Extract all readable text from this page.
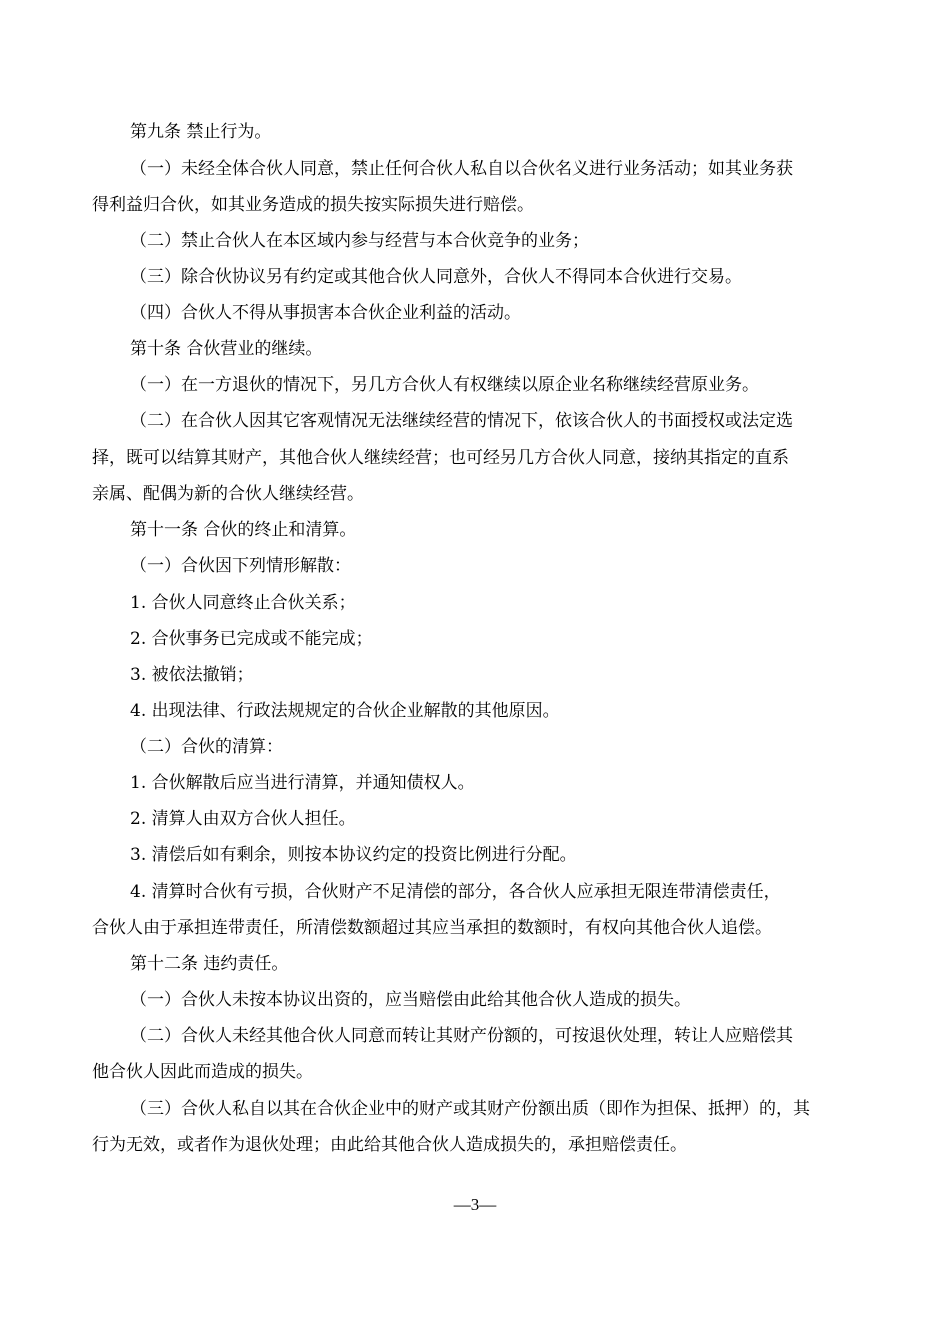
第九条 禁止行为。

（一）未经全体合伙人同意，禁止任何合伙人私自以合伙名义进行业务活动；如其业务获

得利益归合伙，如其业务造成的损失按实际损失进行赔偿。

（二）禁止合伙人在本区域内参与经营与本合伙竞争的业务；

（三）除合伙协议另有约定或其他合伙人同意外，合伙人不得同本合伙进行交易。

（四）合伙人不得从事损害本合伙企业利益的活动。

第十条 合伙营业的继续。

（一）在一方退伙的情况下，另几方合伙人有权继续以原企业名称继续经营原业务。

（二）在合伙人因其它客观情况无法继续经营的情况下，依该合伙人的书面授权或法定选

择，既可以结算其财产，其他合伙人继续经营；也可经另几方合伙人同意，接纳其指定的直系

亲属、配偶为新的合伙人继续经营。

第十一条 合伙的终止和清算。

（一）合伙因下列情形解散：

1. 合伙人同意终止合伙关系；

2. 合伙事务已完成或不能完成；

3. 被依法撤销；

4. 出现法律、行政法规规定的合伙企业解散的其他原因。

（二）合伙的清算：

1. 合伙解散后应当进行清算，并通知债权人。

2. 清算人由双方合伙人担任。

3. 清偿后如有剩余，则按本协议约定的投资比例进行分配。

4. 清算时合伙有亏损，合伙财产不足清偿的部分，各合伙人应承担无限连带清偿责任，

合伙人由于承担连带责任，所清偿数额超过其应当承担的数额时，有权向其他合伙人追偿。

第十二条 违约责任。

（一）合伙人未按本协议出资的，应当赔偿由此给其他合伙人造成的损失。

（二）合伙人未经其他合伙人同意而转让其财产份额的，可按退伙处理，转让人应赔偿其

他合伙人因此而造成的损失。

（三）合伙人私自以其在合伙企业中的财产或其财产份额出质（即作为担保、抵押）的，其

行为无效，或者作为退伙处理；由此给其他合伙人造成损失的，承担赔偿责任。

—3—
